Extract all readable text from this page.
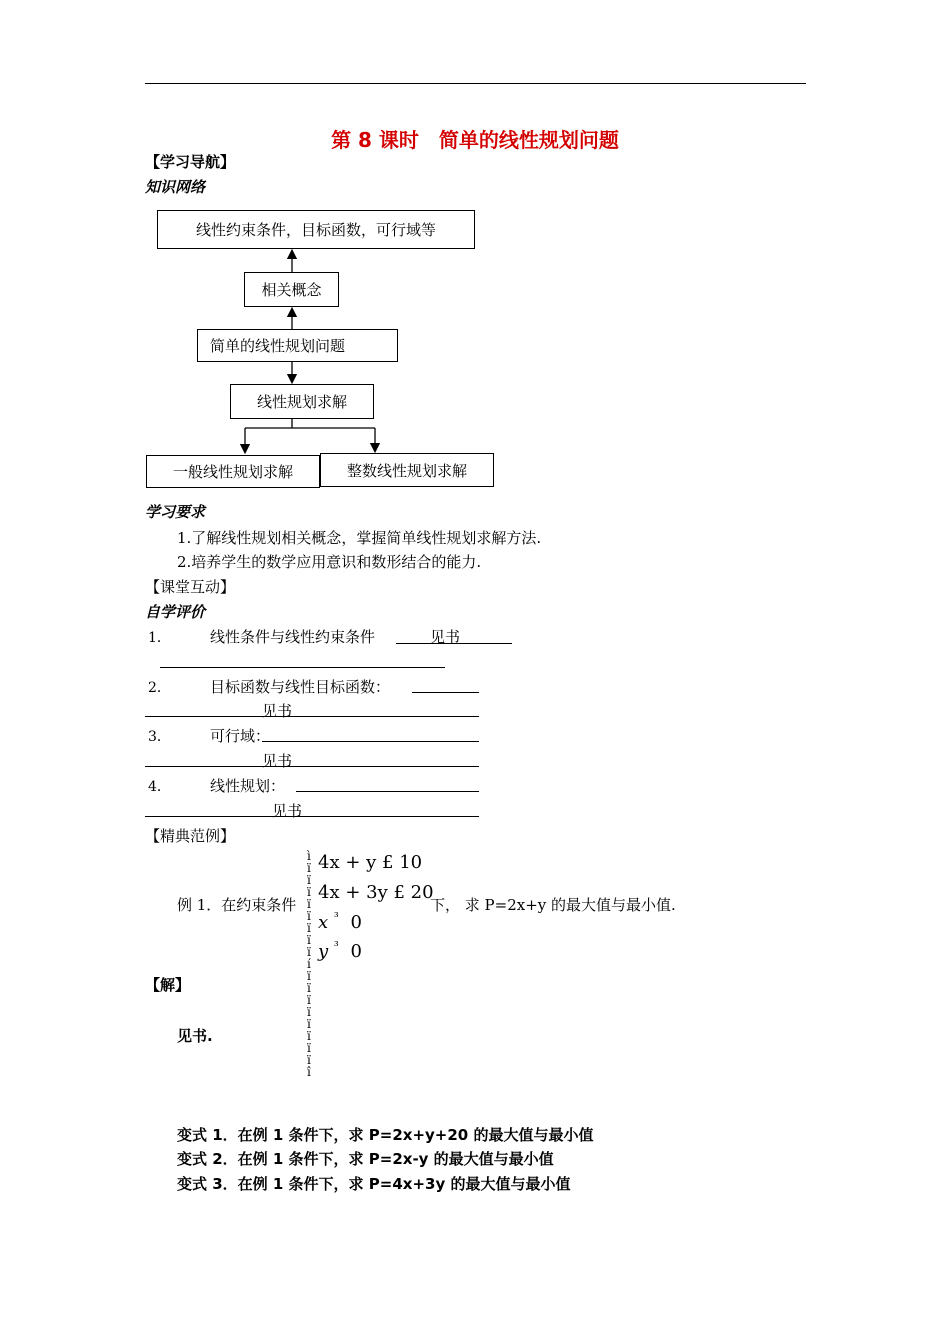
第 8 课时　简单的线性规划问题
【学习导航】
知识网络
线性约束条件，目标函数，可行域等
相关概念
简单的线性规划问题
线性规划求解
一般线性规划求解	整数线性规划求解
学习要求
1.了解线性规划相关概念，掌握简单线性规划求解方法.
2.培养学生的数学应用意识和数形结合的能力.
【课堂互动】
自学评价
1．	线性条件与线性约束条件	见书
2．	目标函数与线性目标函数：
见书
3．	可行域：
见书
4．	线性规划：
见书
【精典范例】
例 1．在约束条件
ì
ï
ï
ï
ï
ï
ï
ï
ï
í
ï
ï
ï
ï
ï
ï
ï
ï
î
4x + y £ 10
4x + 3y £ 20
x $^{^3}$ 0
y $^{^3}$ 0
下， 求 P=2x+y 的最大值与最小值.
【解】
见书.
变式 1．在例 1 条件下，求 P=2x+y+20 的最大值与最小值
变式 2．在例 1 条件下，求 P=2x-y 的最大值与最小值
变式 3．在例 1 条件下，求 P=4x+3y 的最大值与最小值
